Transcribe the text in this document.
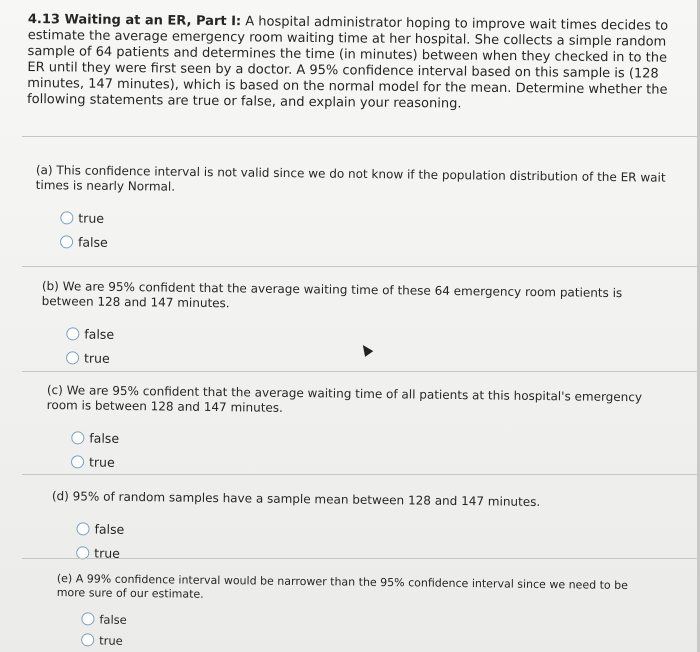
4.13 Waiting at an ER, Part I: A hospital administrator hoping to improve wait times decides to estimate the average emergency room waiting time at her hospital. She collects a simple random sample of 64 patients and determines the time (in minutes) between when they checked in to the ER until they were first seen by a doctor. A 95% confidence interval based on this sample is (128 minutes, 147 minutes), which is based on the normal model for the mean. Determine whether the following statements are true or false, and explain your reasoning.
(a) This confidence interval is not valid since we do not know if the population distribution of the ER wait times is nearly Normal.
true
false
(b) We are 95% confident that the average waiting time of these 64 emergency room patients is between 128 and 147 minutes.
false
true
(c) We are 95% confident that the average waiting time of all patients at this hospital's emergency room is between 128 and 147 minutes.
false
true
(d) 95% of random samples have a sample mean between 128 and 147 minutes.
false
true
(e) A 99% confidence interval would be narrower than the 95% confidence interval since we need to be more sure of our estimate.
false
true
